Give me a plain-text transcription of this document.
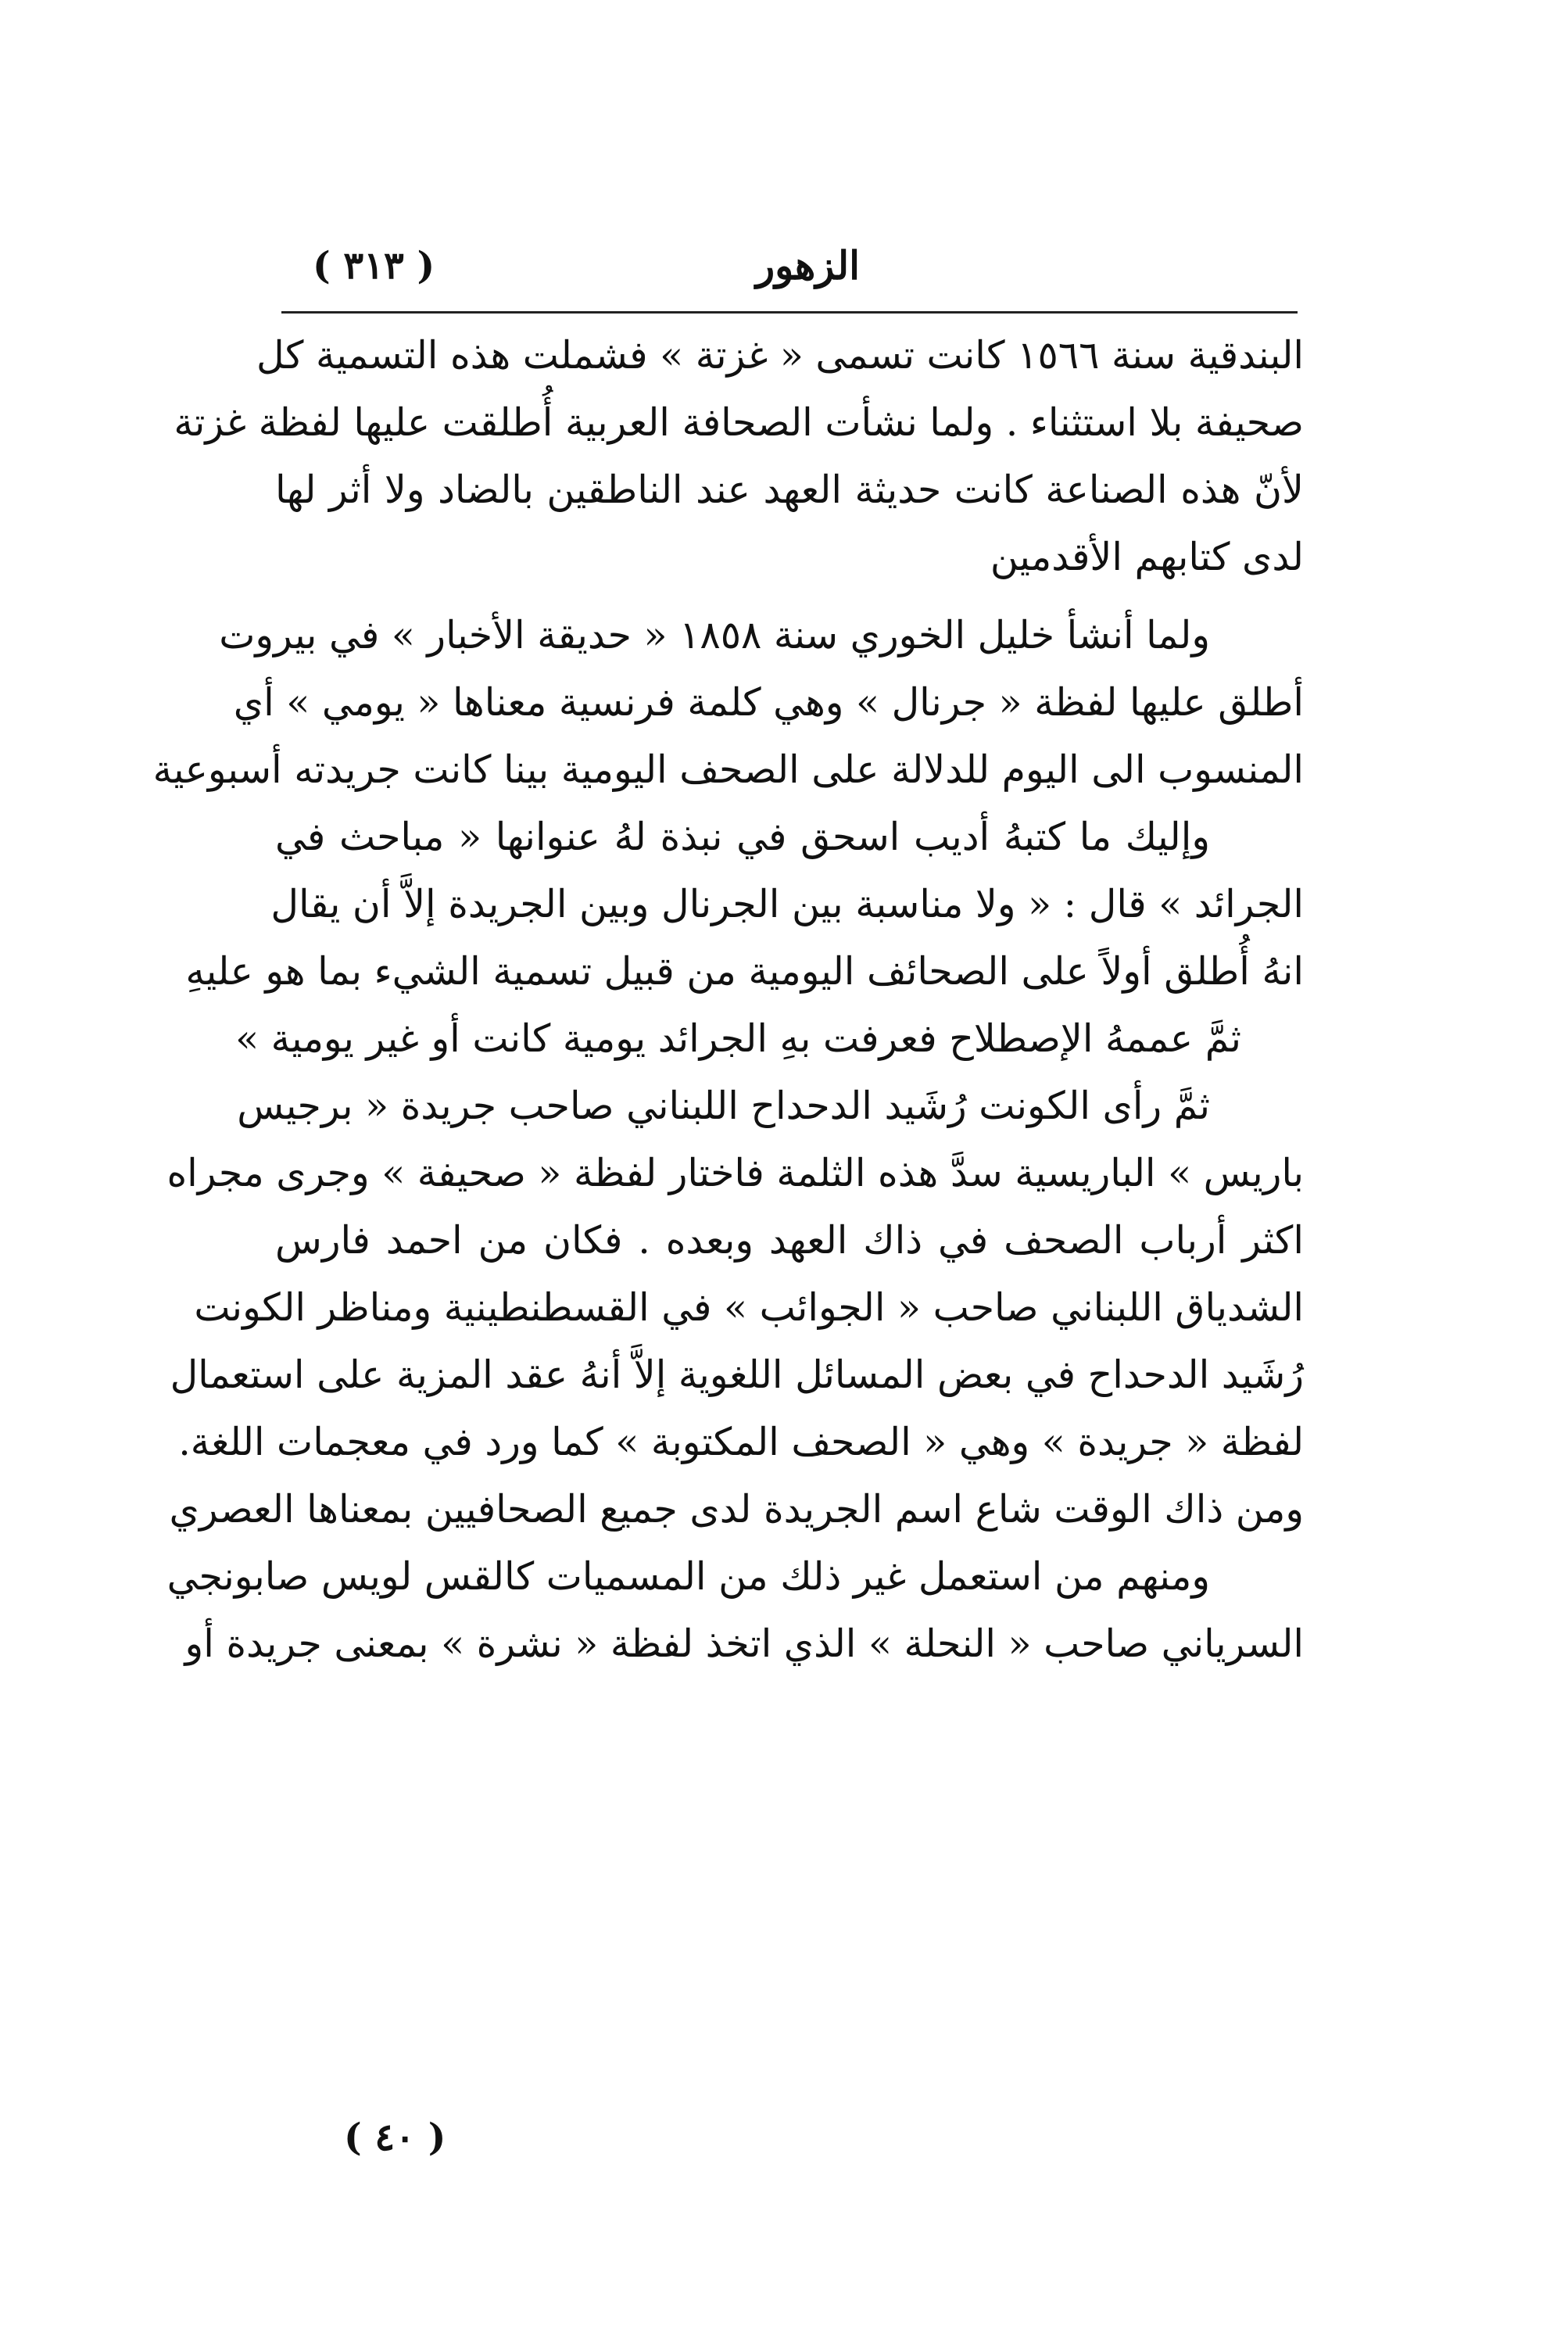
الزهور
( ٣١٣ )
البندقية سنة ١٥٦٦ كانت تسمى « غزتة » فشملت هذه التسمية كل
صحيفة بلا استثناء . ولما نشأت الصحافة العربية أُطلقت عليها لفظة غزتة
لأنّ هذه الصناعة كانت حديثة العهد عند الناطقين بالضاد ولا أثر لها
لدى كتابهم الأقدمين
ولما أنشأ خليل الخوري سنة ١٨٥٨ « حديقة الأخبار » في بيروت
أطلق عليها لفظة « جرنال » وهي كلمة فرنسية معناها « يومي » أي
المنسوب الى اليوم للدلالة على الصحف اليومية بينا كانت جريدته أسبوعية
وإليك ما كتبهُ أديب اسحق في نبذة لهُ عنوانها « مباحث في
الجرائد » قال : « ولا مناسبة بين الجرنال وبين الجريدة إلاَّ أن يقال
انهُ أُطلق أولاً على الصحائف اليومية من قبيل تسمية الشيء بما هو عليهِ
ثمَّ عممهُ الإصطلاح فعرفت بهِ الجرائد يومية كانت أو غير يومية »
ثمَّ رأى الكونت رُشَيد الدحداح اللبناني صاحب جريدة « برجيس
باريس » الباريسية سدَّ هذه الثلمة فاختار لفظة « صحيفة » وجرى مجراه
اكثر أرباب الصحف في ذاك العهد وبعده . فكان من احمد فارس
الشدياق اللبناني صاحب « الجوائب » في القسطنطينية ومناظر الكونت
رُشَيد الدحداح في بعض المسائل اللغوية إلاَّ أنهُ عقد المزية على استعمال
لفظة « جريدة » وهي « الصحف المكتوبة » كما ورد في معجمات اللغة.
ومن ذاك الوقت شاع اسم الجريدة لدى جميع الصحافيين بمعناها العصري
ومنهم من استعمل غير ذلك من المسميات كالقس لويس صابونجي
السرياني صاحب « النحلة » الذي اتخذ لفظة « نشرة » بمعنى جريدة أو
( ٤٠ )
